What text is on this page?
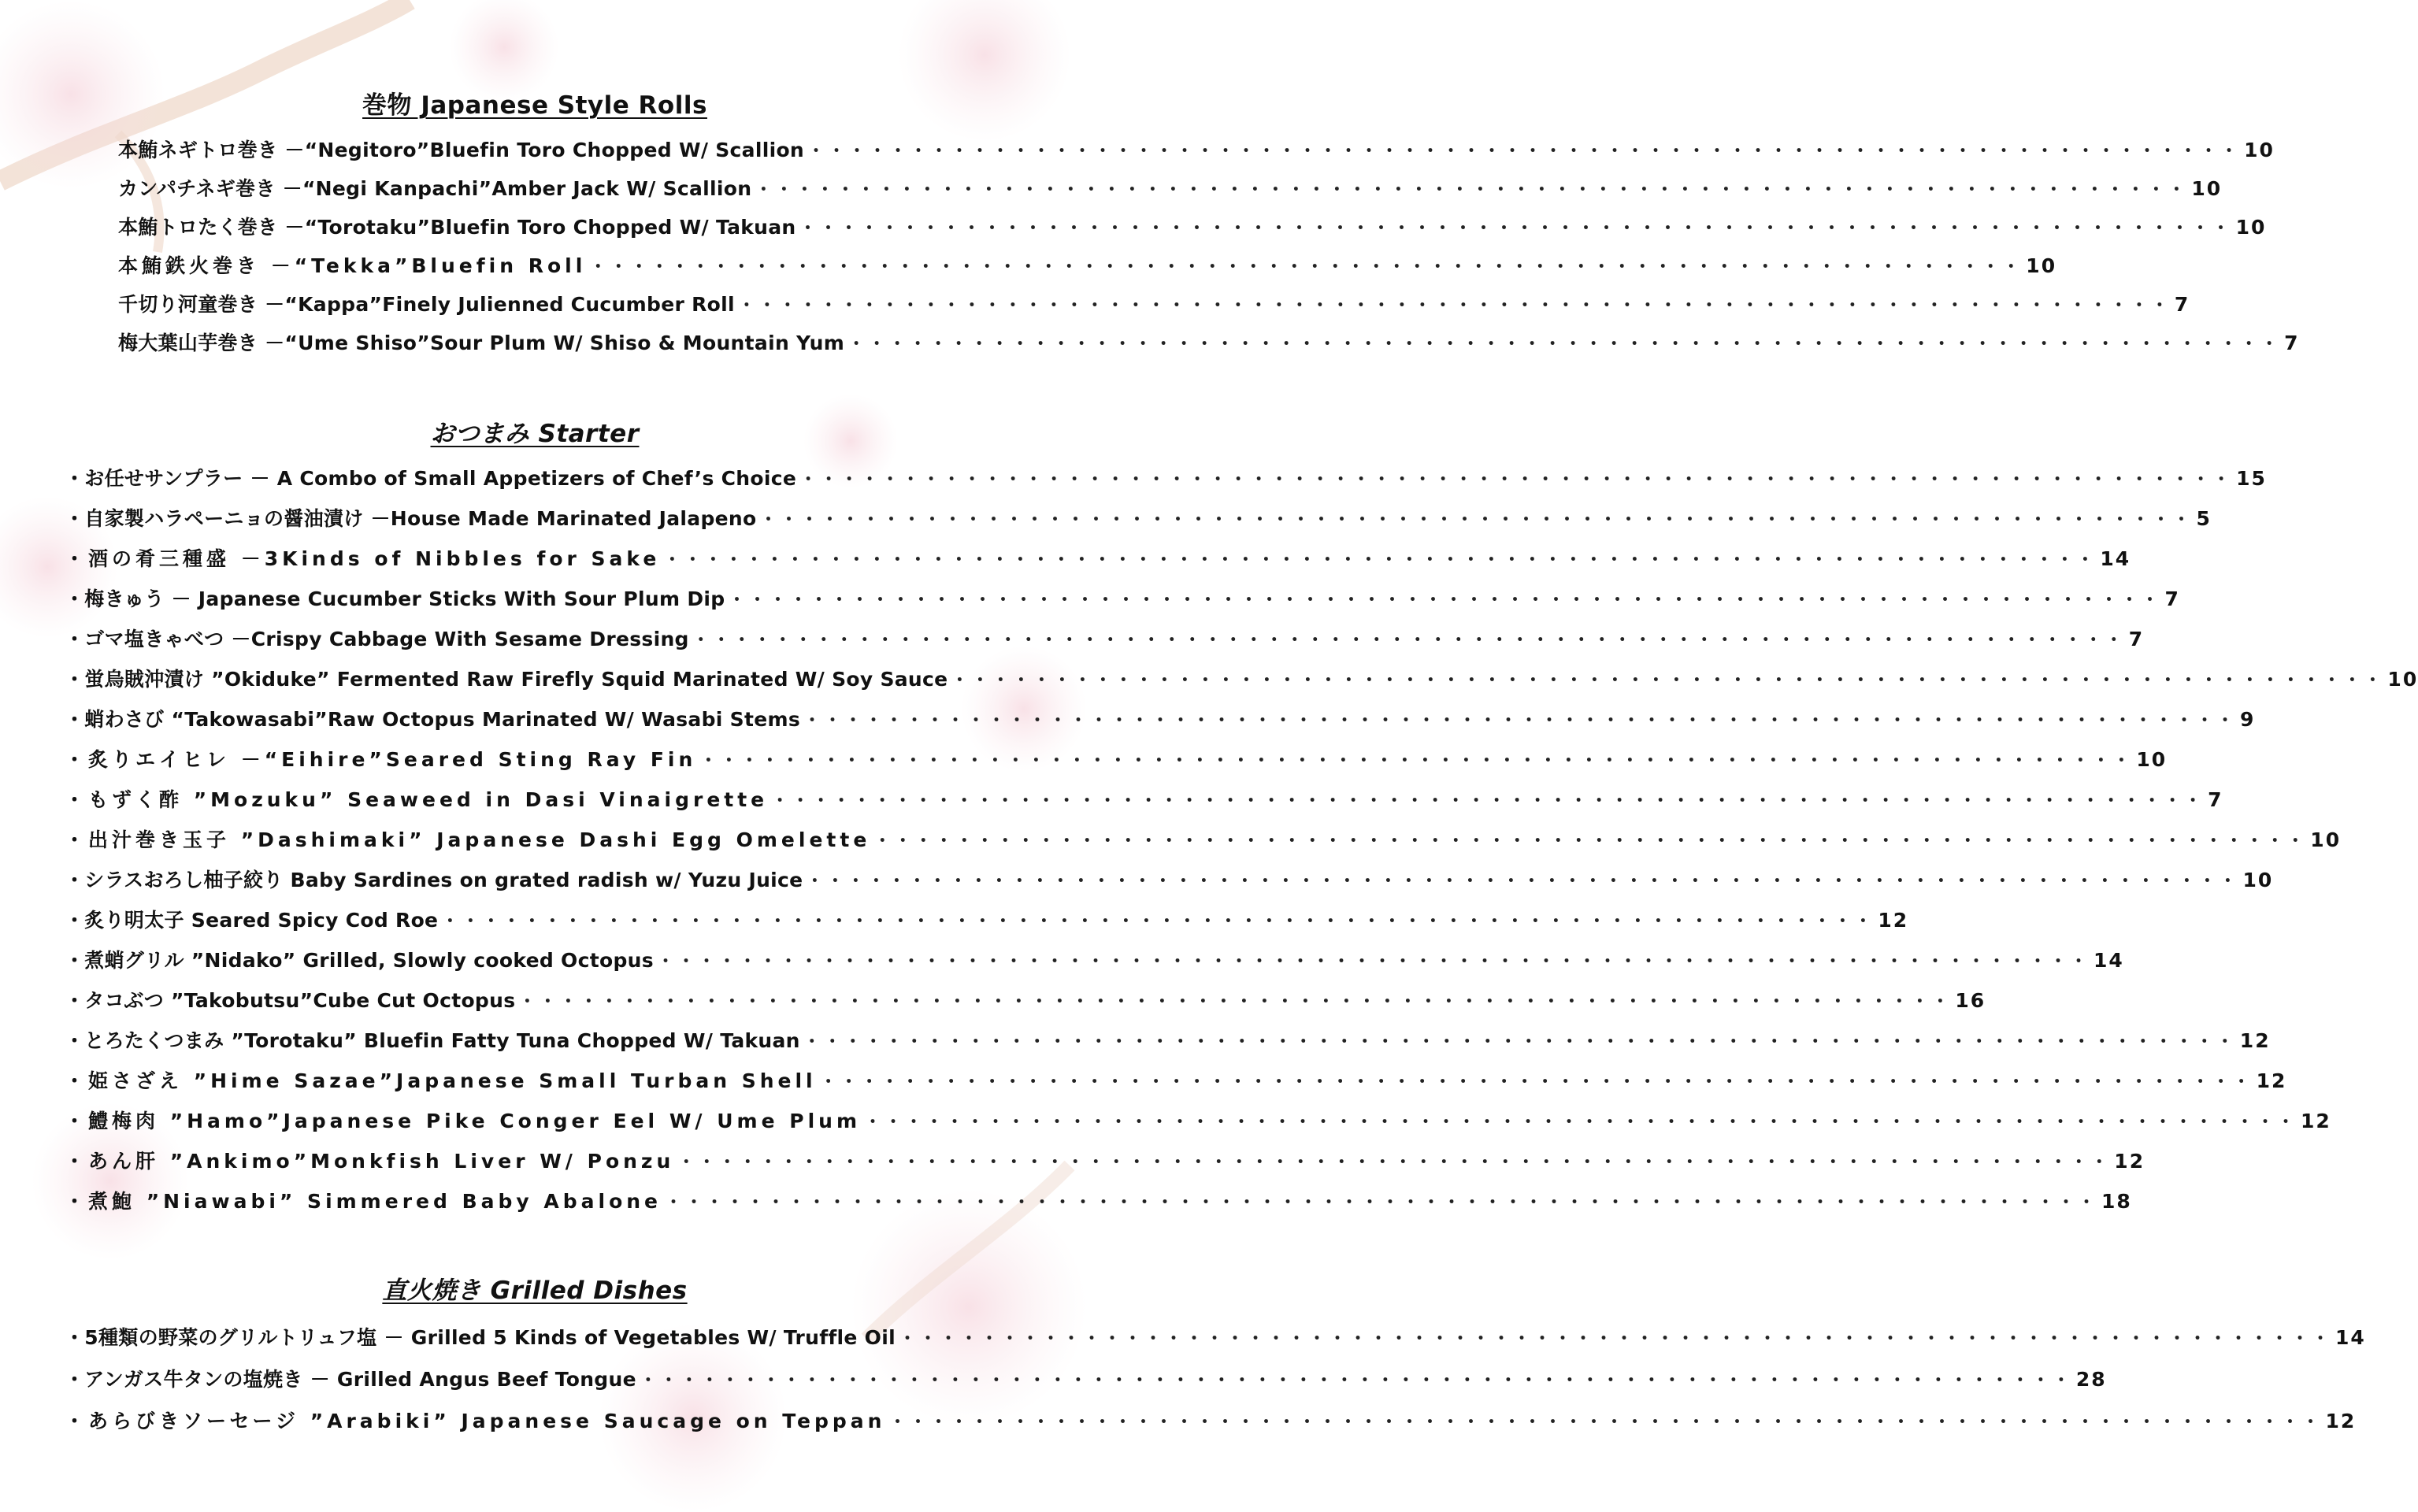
巻物 Japanese Style Rolls
本鮪ネギトロ巻き －“Negitoro”Bluefin Toro Chopped W/ Scallion ・・・・・・・・・・・・・・・・・・・・・・・・・・・・・・・・・・・・・・・・・・・・・・・・・・・・・・・・・・・・・・・・・・・・・・	10
カンパチネギ巻き －“Negi Kanpachi”Amber Jack W/ Scallion ・・・・・・・・・・・・・・・・・・・・・・・・・・・・・・・・・・・・・・・・・・・・・・・・・・・・・・・・・・・・・・・・・・・・・・	10
本鮪トロたく巻き －“Torotaku”Bluefin Toro Chopped W/ Takuan ・・・・・・・・・・・・・・・・・・・・・・・・・・・・・・・・・・・・・・・・・・・・・・・・・・・・・・・・・・・・・・・・・・・・・・	10
本鮪鉄火巻き －“Tekka”Bluefin Roll ・・・・・・・・・・・・・・・・・・・・・・・・・・・・・・・・・・・・・・・・・・・・・・・・・・・・・・・・・・・・・・・・・・・・・・	10
千切り河童巻き －“Kappa”Finely Julienned Cucumber Roll ・・・・・・・・・・・・・・・・・・・・・・・・・・・・・・・・・・・・・・・・・・・・・・・・・・・・・・・・・・・・・・・・・・・・・・	7
梅大葉山芋巻き －“Ume Shiso”Sour Plum W/ Shiso & Mountain Yum ・・・・・・・・・・・・・・・・・・・・・・・・・・・・・・・・・・・・・・・・・・・・・・・・・・・・・・・・・・・・・・・・・・・・・・	7
おつまみ Starter
・お任せサンプラー － A Combo of Small Appetizers of Chef’s Choice ・・・・・・・・・・・・・・・・・・・・・・・・・・・・・・・・・・・・・・・・・・・・・・・・・・・・・・・・・・・・・・・・・・・・・・	15
・自家製ハラペーニョの醤油漬け －House Made Marinated Jalapeno ・・・・・・・・・・・・・・・・・・・・・・・・・・・・・・・・・・・・・・・・・・・・・・・・・・・・・・・・・・・・・・・・・・・・・・	5
・酒の肴三種盛 －3Kinds of Nibbles for Sake ・・・・・・・・・・・・・・・・・・・・・・・・・・・・・・・・・・・・・・・・・・・・・・・・・・・・・・・・・・・・・・・・・・・・・・	14
・梅きゅう － Japanese Cucumber Sticks With Sour Plum Dip ・・・・・・・・・・・・・・・・・・・・・・・・・・・・・・・・・・・・・・・・・・・・・・・・・・・・・・・・・・・・・・・・・・・・・・	7
・ゴマ塩きゃべつ －Crispy Cabbage With Sesame Dressing ・・・・・・・・・・・・・・・・・・・・・・・・・・・・・・・・・・・・・・・・・・・・・・・・・・・・・・・・・・・・・・・・・・・・・・	7
・蛍烏賊沖漬け ”Okiduke” Fermented Raw Firefly Squid Marinated W/ Soy Sauce ・・・・・・・・・・・・・・・・・・・・・・・・・・・・・・・・・・・・・・・・・・・・・・・・・・・・・・・・・・・・・・・・・・・・・・	10
・蛸わさび “Takowasabi”Raw Octopus Marinated W/ Wasabi Stems ・・・・・・・・・・・・・・・・・・・・・・・・・・・・・・・・・・・・・・・・・・・・・・・・・・・・・・・・・・・・・・・・・・・・・・	9
・炙りエイヒレ －“Eihire”Seared Sting Ray Fin ・・・・・・・・・・・・・・・・・・・・・・・・・・・・・・・・・・・・・・・・・・・・・・・・・・・・・・・・・・・・・・・・・・・・・・	10
・もずく酢 ”Mozuku” Seaweed in Dasi Vinaigrette ・・・・・・・・・・・・・・・・・・・・・・・・・・・・・・・・・・・・・・・・・・・・・・・・・・・・・・・・・・・・・・・・・・・・・・	7
・出汁巻き玉子 ”Dashimaki” Japanese Dashi Egg Omelette ・・・・・・・・・・・・・・・・・・・・・・・・・・・・・・・・・・・・・・・・・・・・・・・・・・・・・・・・・・・・・・・・・・・・・・	10
・シラスおろし柚子絞り Baby Sardines on grated radish w/ Yuzu Juice ・・・・・・・・・・・・・・・・・・・・・・・・・・・・・・・・・・・・・・・・・・・・・・・・・・・・・・・・・・・・・・・・・・・・・・	10
・炙り明太子 Seared Spicy Cod Roe ・・・・・・・・・・・・・・・・・・・・・・・・・・・・・・・・・・・・・・・・・・・・・・・・・・・・・・・・・・・・・・・・・・・・・・	12
・煮蛸グリル ”Nidako” Grilled, Slowly cooked Octopus ・・・・・・・・・・・・・・・・・・・・・・・・・・・・・・・・・・・・・・・・・・・・・・・・・・・・・・・・・・・・・・・・・・・・・・	14
・タコぶつ ”Takobutsu”Cube Cut Octopus ・・・・・・・・・・・・・・・・・・・・・・・・・・・・・・・・・・・・・・・・・・・・・・・・・・・・・・・・・・・・・・・・・・・・・・	16
・とろたくつまみ ”Torotaku” Bluefin Fatty Tuna Chopped W/ Takuan ・・・・・・・・・・・・・・・・・・・・・・・・・・・・・・・・・・・・・・・・・・・・・・・・・・・・・・・・・・・・・・・・・・・・・・	12
・姫さざえ ”Hime Sazae”Japanese Small Turban Shell ・・・・・・・・・・・・・・・・・・・・・・・・・・・・・・・・・・・・・・・・・・・・・・・・・・・・・・・・・・・・・・・・・・・・・・	12
・鱧梅肉 ”Hamo”Japanese Pike Conger Eel W/ Ume Plum ・・・・・・・・・・・・・・・・・・・・・・・・・・・・・・・・・・・・・・・・・・・・・・・・・・・・・・・・・・・・・・・・・・・・・・	12
・あん肝 ”Ankimo”Monkfish Liver W/ Ponzu ・・・・・・・・・・・・・・・・・・・・・・・・・・・・・・・・・・・・・・・・・・・・・・・・・・・・・・・・・・・・・・・・・・・・・・	12
・煮鮑 ”Niawabi” Simmered Baby Abalone ・・・・・・・・・・・・・・・・・・・・・・・・・・・・・・・・・・・・・・・・・・・・・・・・・・・・・・・・・・・・・・・・・・・・・・	18
直火焼き Grilled Dishes
・5種類の野菜のグリルトリュフ塩 － Grilled 5 Kinds of Vegetables W/ Truffle Oil ・・・・・・・・・・・・・・・・・・・・・・・・・・・・・・・・・・・・・・・・・・・・・・・・・・・・・・・・・・・・・・・・・・・・・・	14
・アンガス牛タンの塩焼き － Grilled Angus Beef Tongue ・・・・・・・・・・・・・・・・・・・・・・・・・・・・・・・・・・・・・・・・・・・・・・・・・・・・・・・・・・・・・・・・・・・・・・	28
・あらびきソーセージ ”Arabiki” Japanese Saucage on Teppan ・・・・・・・・・・・・・・・・・・・・・・・・・・・・・・・・・・・・・・・・・・・・・・・・・・・・・・・・・・・・・・・・・・・・・・	12
